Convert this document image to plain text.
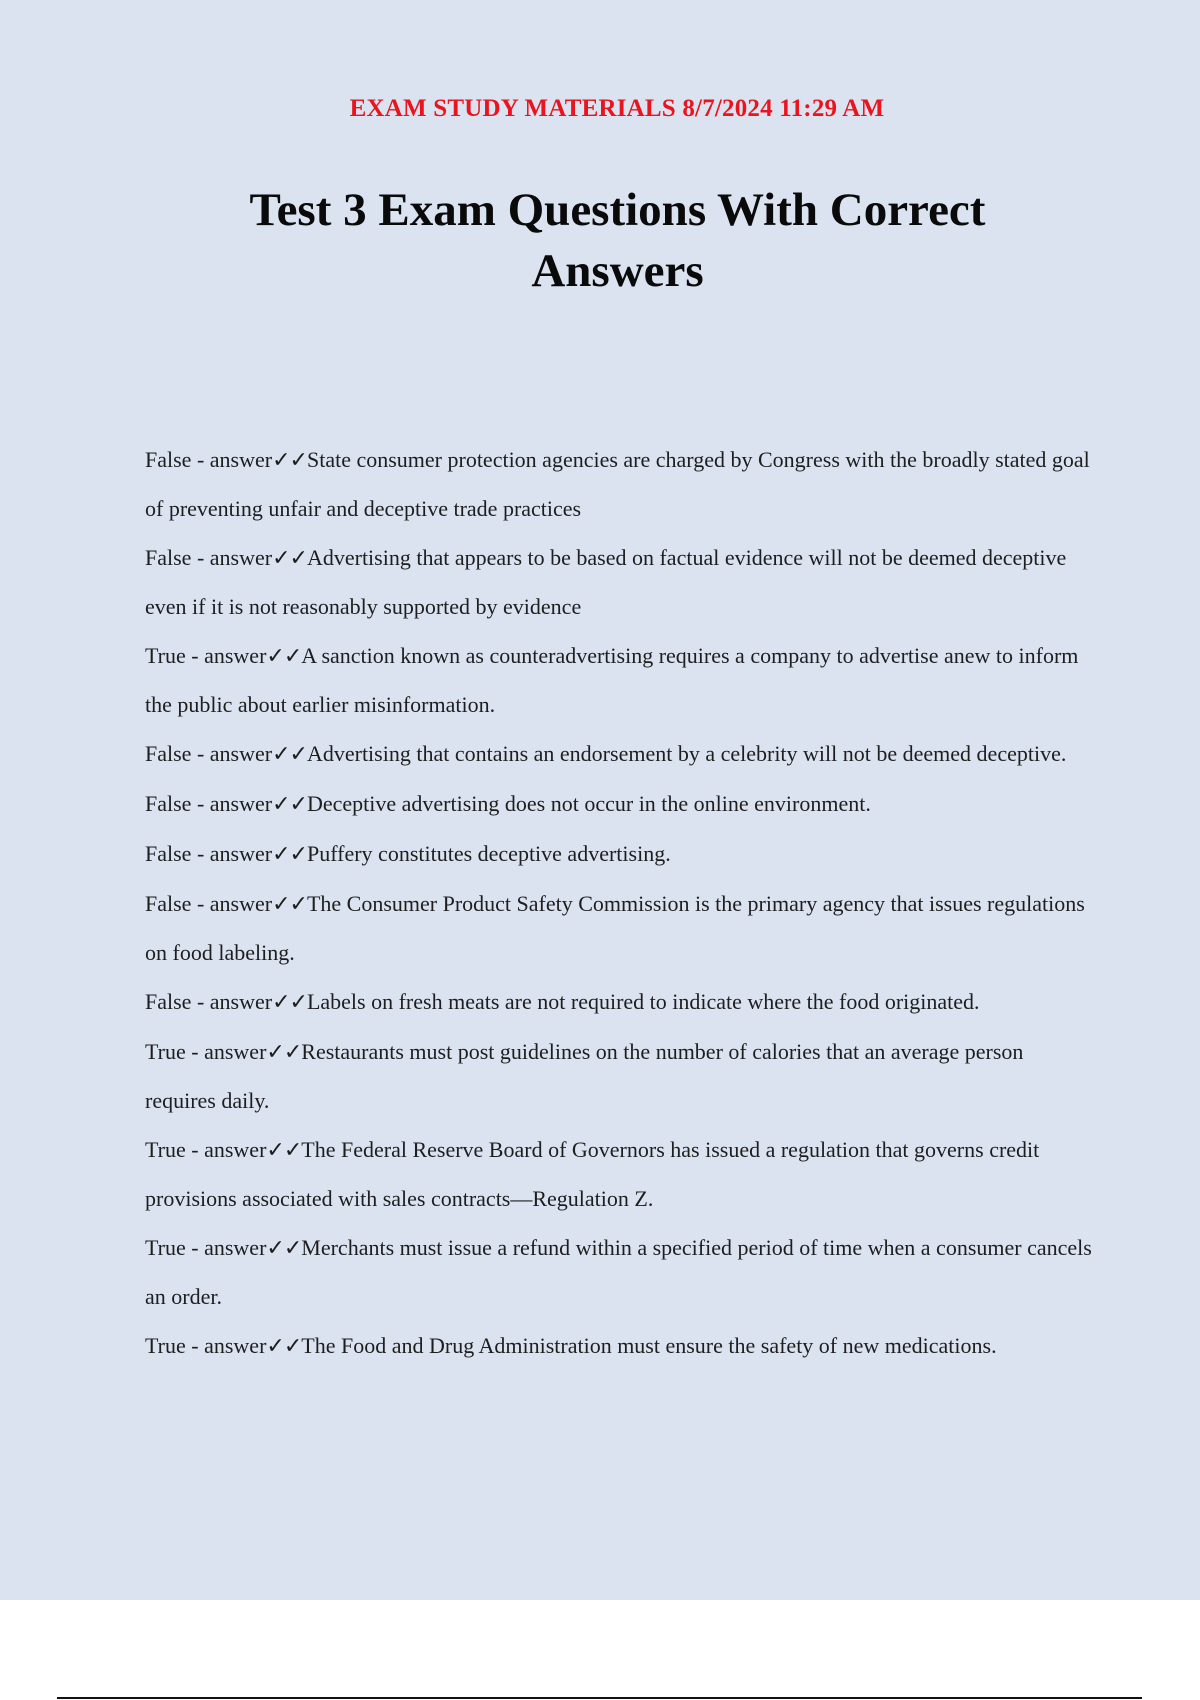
EXAM STUDY MATERIALS 8/7/2024 11:29 AM

Test 3 Exam Questions With Correct Answers
False - answer✓✓State consumer protection agencies are charged by Congress with the broadly stated goal of preventing unfair and deceptive trade practices
False - answer✓✓Advertising that appears to be based on factual evidence will not be deemed deceptive even if it is not reasonably supported by evidence
True - answer✓✓A sanction known as counteradvertising requires a company to advertise anew to inform the public about earlier misinformation.
False - answer✓✓Advertising that contains an endorsement by a celebrity will not be deemed deceptive.
False - answer✓✓Deceptive advertising does not occur in the online environment.
False - answer✓✓Puffery constitutes deceptive advertising.
False - answer✓✓The Consumer Product Safety Commission is the primary agency that issues regulations on food labeling.
False - answer✓✓Labels on fresh meats are not required to indicate where the food originated.
True - answer✓✓Restaurants must post guidelines on the number of calories that an average person requires daily.
True - answer✓✓The Federal Reserve Board of Governors has issued a regulation that governs credit provisions associated with sales contracts—Regulation Z.
True - answer✓✓Merchants must issue a refund within a specified period of time when a consumer cancels an order.
True - answer✓✓The Food and Drug Administration must ensure the safety of new medications.
